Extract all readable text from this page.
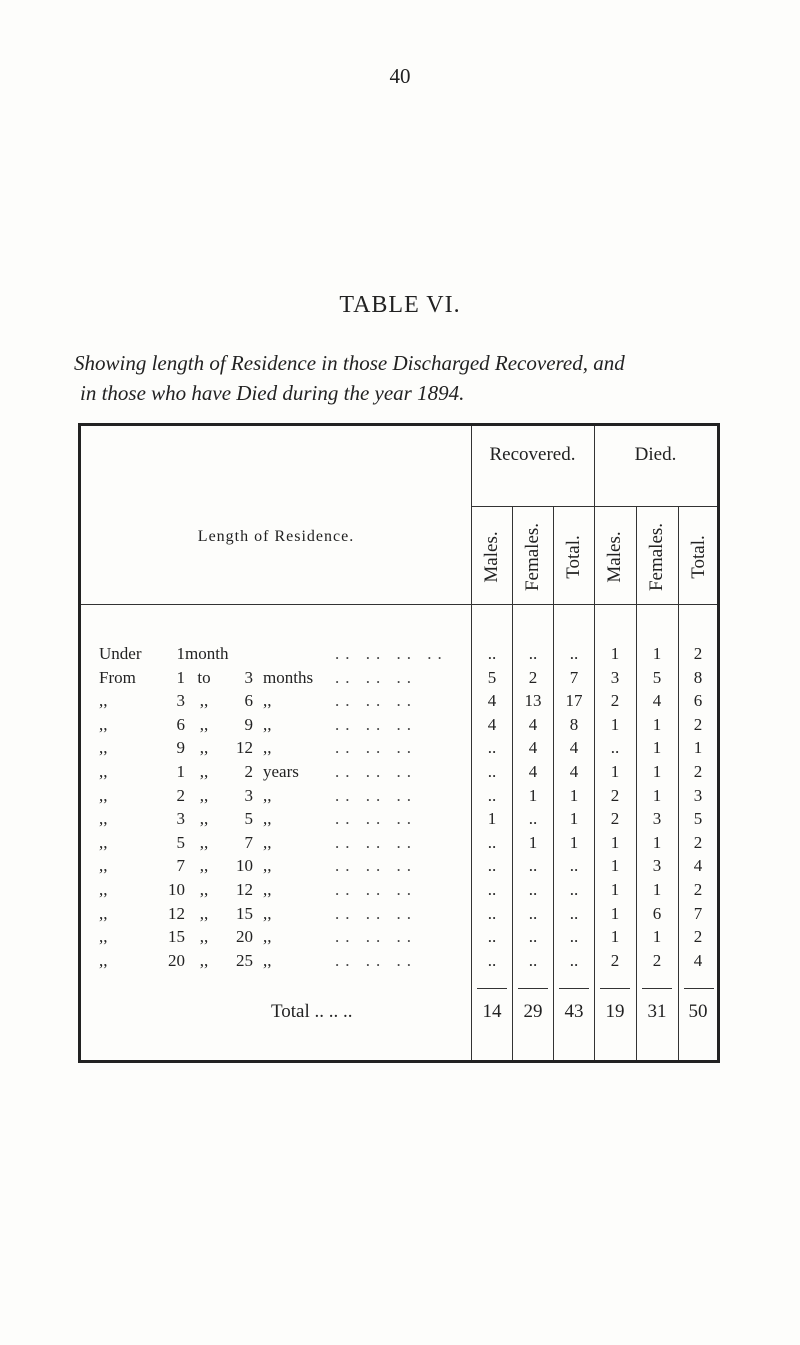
40
TABLE VI.
Showing length of Residence in those Discharged Recovered, and
in those who have Died during the year 1894.
Length of Residence.
Recovered.	Died.
Males. Females. Total. Males. Females. Total.
Under 1month	.. .. .. ..	..	..	..	1	1	2
From 1 to 3 months .. .. ..	5	2	7	3	5	8
,,	3 ,, 6 ,,	.. .. ..	4	13	17	2	4	6
,,	6 ,, 9 ,,	.. .. ..	4	4	8	1	1	2
,,	9 ,, 12 ,,	.. .. ..	..	4	4	..	1	1
,,	1 ,, 2 years .. .. ..	..	4	4	1	1	2
,,	2 ,, 3 ,,	.. .. ..	..	1	1	2	1	3
,,	3 ,, 5 ,,	.. .. ..	1	..	1	2	3	5
,,	5 ,, 7 ,,	.. .. ..	..	1	1	1	1	2
,,	7 ,, 10 ,,	.. .. ..	..	..	..	1	3	4
,,	10 ,, 12 ,,	.. .. ..	..	..	..	1	1	2
,,	12 ,, 15 ,,	.. .. ..	..	..	..	1	6	7
,,	15 ,, 20 ,,	.. .. ..	..	..	..	1	1	2
,,	20 ,, 25 ,,	.. .. ..	..	..	..	2	2	4
Total .. .. ..	14	29	43	19	31	50
